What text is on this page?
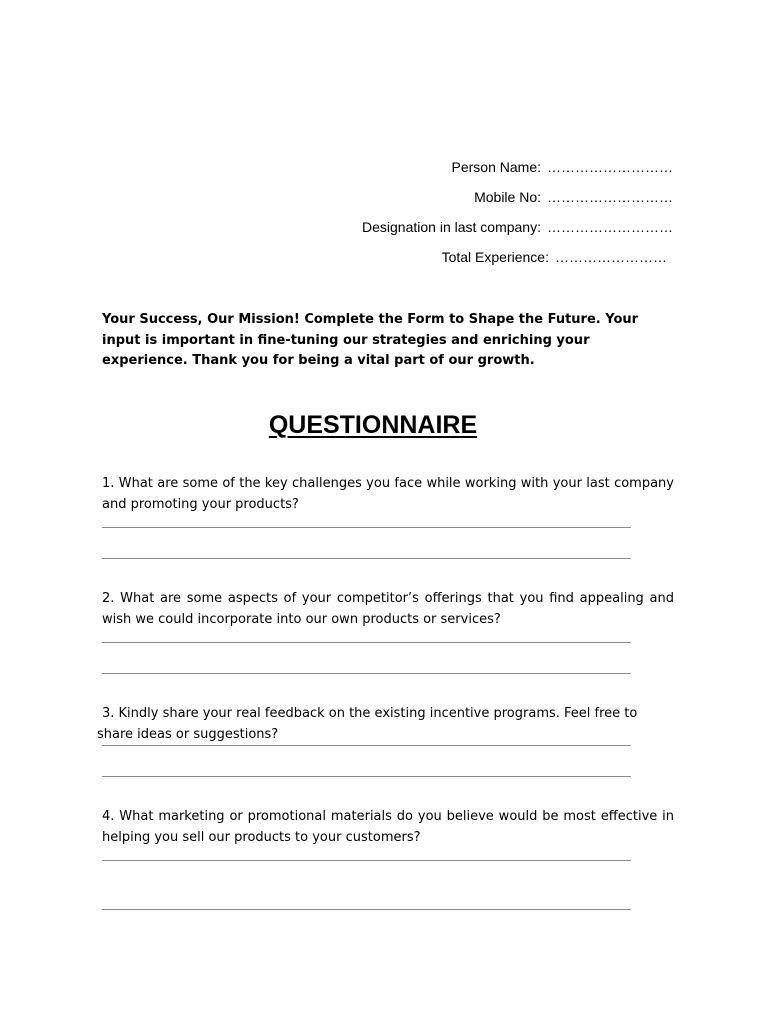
Person Name: ………………………
Mobile No: ………………………
Designation in last company: ………………………
Total Experience: ……………………
Your Success, Our Mission! Complete the Form to Shape the Future. Your input is important in fine-tuning our strategies and enriching your experience. Thank you for being a vital part of our growth.
QUESTIONNAIRE
1. What are some of the key challenges you face while working with your last company and promoting your products?
2. What are some aspects of your competitor’s offerings that you find appealing and wish we could incorporate into our own products or services?
3. Kindly share your real feedback on the existing incentive programs. Feel free to share ideas or suggestions?
4. What marketing or promotional materials do you believe would be most effective in helping you sell our products to your customers?
